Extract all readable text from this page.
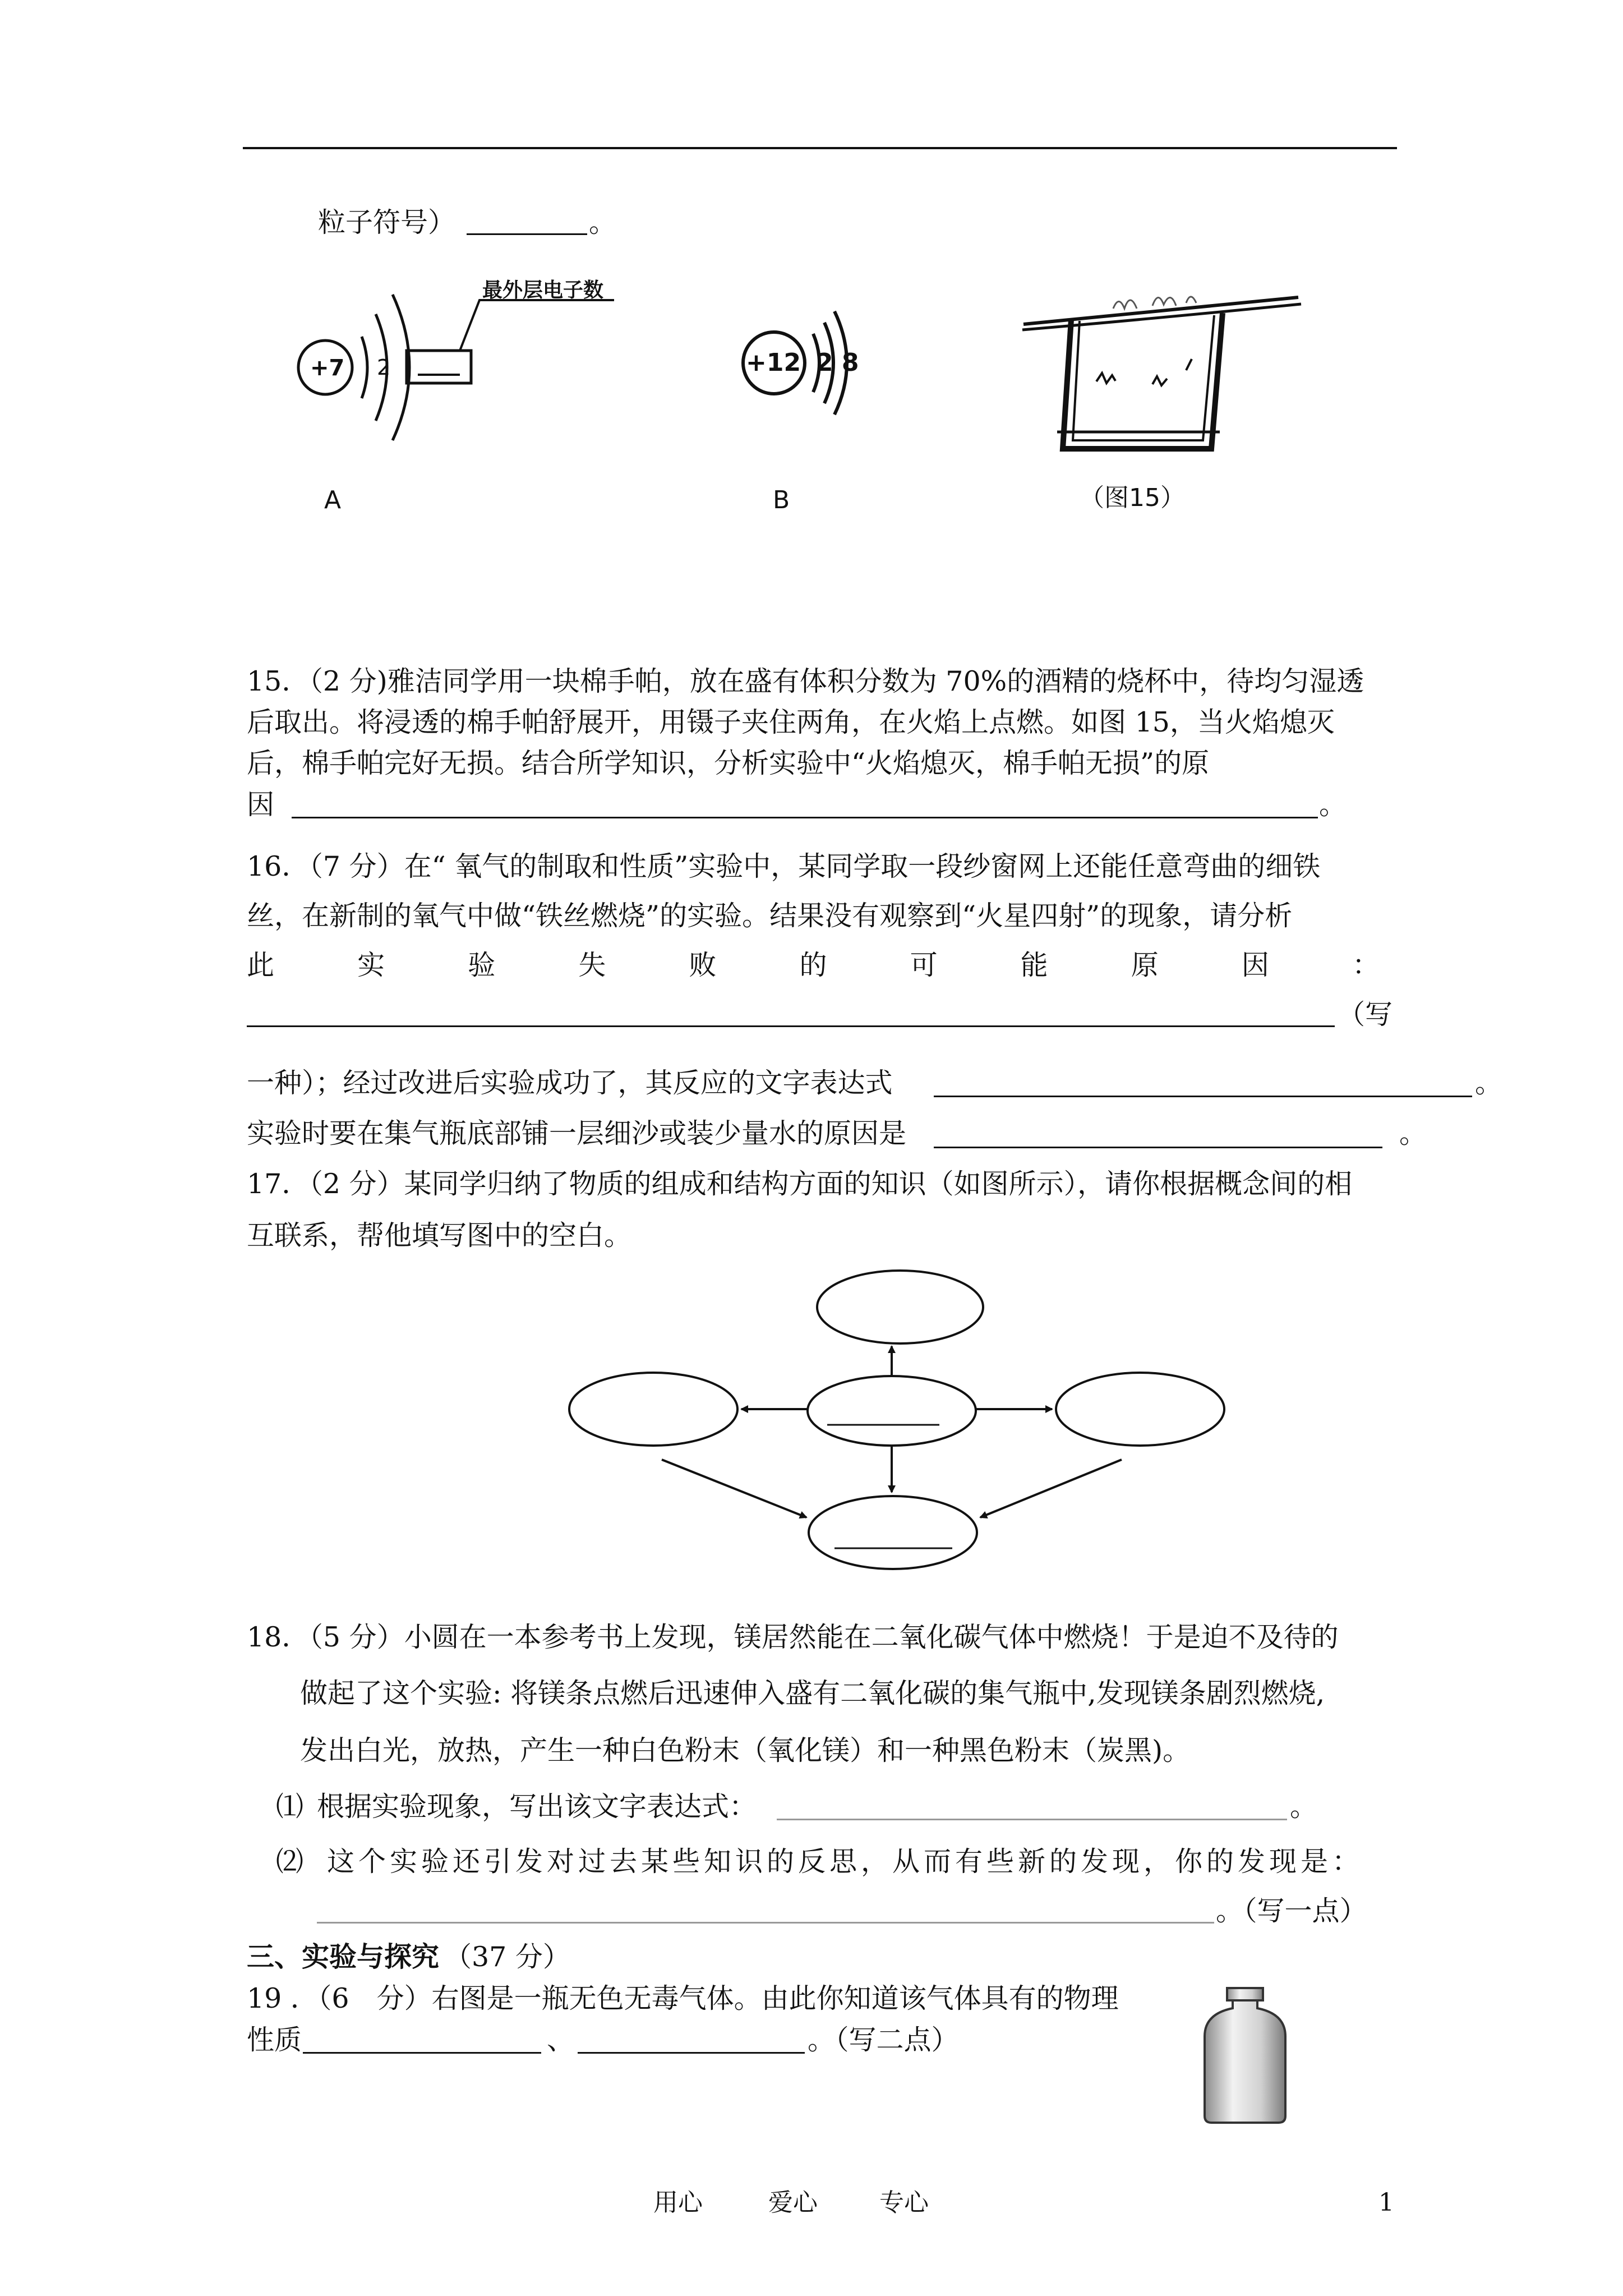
粒子符号）	。
+7 2
最外层电子数
A
+12 2 8
B	（图15）
15．（2 分)雅洁同学用一块棉手帕，放在盛有体积分数为 70%的酒精的烧杯中，待均匀湿透
后取出。将浸透的棉手帕舒展开，用镊子夹住两角，在火焰上点燃。如图 15，当火焰熄灭
后，棉手帕完好无损。结合所学知识，分析实验中“火焰熄灭，棉手帕无损”的原
因	。
16．（7 分）在“ 氧气的制取和性质”实验中，某同学取一段纱窗网上还能任意弯曲的细铁
丝，在新制的氧气中做“铁丝燃烧”的实验。结果没有观察到“火星四射”的现象，请分析
此	实	验	失	败	的	可	能	原	因	：
（写
一种）；经过改进后实验成功了，其反应的文字表达式	。
实验时要在集气瓶底部铺一层细沙或装少量水的原因是	。
17．（2 分）某同学归纳了物质的组成和结构方面的知识（如图所示），请你根据概念间的相
互联系，帮他填写图中的空白。
18．（5 分）小圆在一本参考书上发现，镁居然能在二氧化碳气体中燃烧！于是迫不及待的
做起了这个实验: 将镁条点燃后迅速伸入盛有二氧化碳的集气瓶中,发现镁条剧烈燃烧,
发出白光，放热，产生一种白色粉末（氧化镁）和一种黑色粉末（炭黑)。
⑴ 根据实验现象，写出该文字表达式：	。
⑵ 这个实验还引发对过去某些知识的反思，从而有些新的发现，你的发现是：
。（写一点）
三、实验与探究 （37 分）
19 ．（6　分）右图是一瓶无色无毒气体。由此你知道该气体具有的物理
性质	、	。（写二点）
用心	爱心	专心	1
